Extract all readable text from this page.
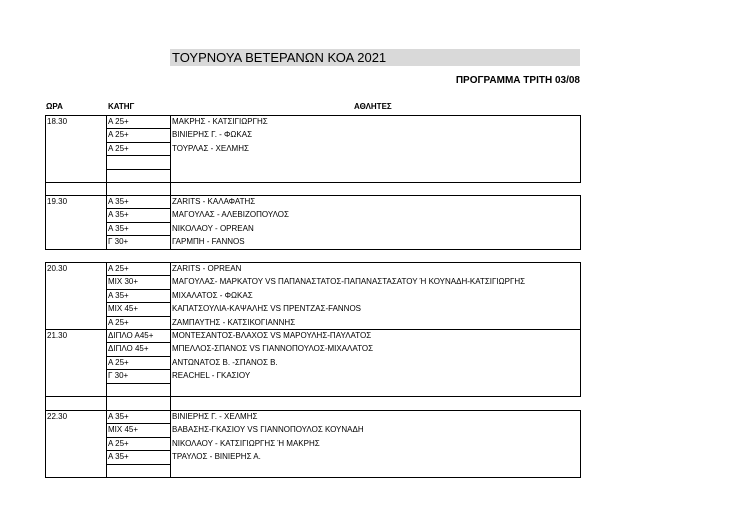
ΤΟΥΡΝΟΥΑ ΒΕΤΕΡΑΝΩΝ ΚΟΑ 2021
ΠΡΟΓΡΑΜΜΑ ΤΡΙΤΗ 03/08
ΩΡΑ	ΚΑΤΗΓ	ΑΘΛΗΤΕΣ
18.30	Α 25+	ΜΑΚΡΗΣ - ΚΑΤΣΙΓΙΩΡΓΗΣ
Α 25+	ΒΙΝΙΕΡΗΣ Γ. - ΦΩΚΑΣ
Α 25+	ΤΟΥΡΛΑΣ - ΧΕΛΜΗΣ
19.30	Α 35+	ZARITS - ΚΑΛΑΦΑΤΗΣ
Α 35+	ΜΑΓΟΥΛΑΣ - ΑΛΕΒΙΖΟΠΟΥΛΟΣ
Α 35+	ΝΙΚΟΛΑΟΥ - OPREAN
Γ 30+	ΓΑΡΜΠΗ - FANNOS
20.30	Α 25+	ZARITS - OPREAN
ΜΙΧ 30+	ΜΑΓΟΥΛΑΣ- ΜΑΡΚΑΤΟΥ VS ΠΑΠΑΝΑΣΤΑΤΟΣ-ΠΑΠΑΝΑΣΤΑΣΑΤΟΥ Ή ΚΟΥΝΑΔΗ-ΚΑΤΣΙΓΙΩΡΓΗΣ
Α 35+	ΜΙΧΑΛΑΤΟΣ - ΦΩΚΑΣ
ΜΙΧ 45+	ΚΑΠΑΤΣΟΥΛΙΑ-ΚΑΨΑΛΗΣ VS ΠΡΕΝΤΖΑΣ-FANNOS
Α 25+	ΖΑΜΠΑΥΤΗΣ - ΚΑΤΣΙΚΟΓΙΑΝΝΗΣ
21.30	ΔΙΠΛΟ Α45+	ΜΟΝΤΕΣΑΝΤΟΣ-ΒΛΑΧΟΣ VS ΜΑΡΟΥΛΗΣ-ΠΑΥΛΑΤΟΣ
ΔΙΠΛΟ 45+	ΜΠΕΛΛΟΣ-ΣΠΑΝΟΣ VS ΓΙΑΝΝΟΠΟΥΛΟΣ-ΜΙΧΑΛΑΤΟΣ
Α 25+	ΑΝΤΩΝΑΤΟΣ Β. -ΣΠΑΝΟΣ Β.
Γ 30+	REACHEL - ΓΚΑΣΙΟΥ
22.30	Α 35+	ΒΙΝΙΕΡΗΣ Γ. - ΧΕΛΜΗΣ
ΜΙΧ 45+	ΒΑΒΑΣΗΣ-ΓΚΑΣΙΟΥ VS ΓΙΑΝΝΟΠΟΥΛΟΣ ΚΟΥΝΑΔΗ
Α 25+	ΝΙΚΟΛΑΟΥ - ΚΑΤΣΙΓΙΩΡΓΗΣ Ή ΜΑΚΡΗΣ
Α 35+	ΤΡΑΥΛΟΣ - ΒΙΝΙΕΡΗΣ Α.
